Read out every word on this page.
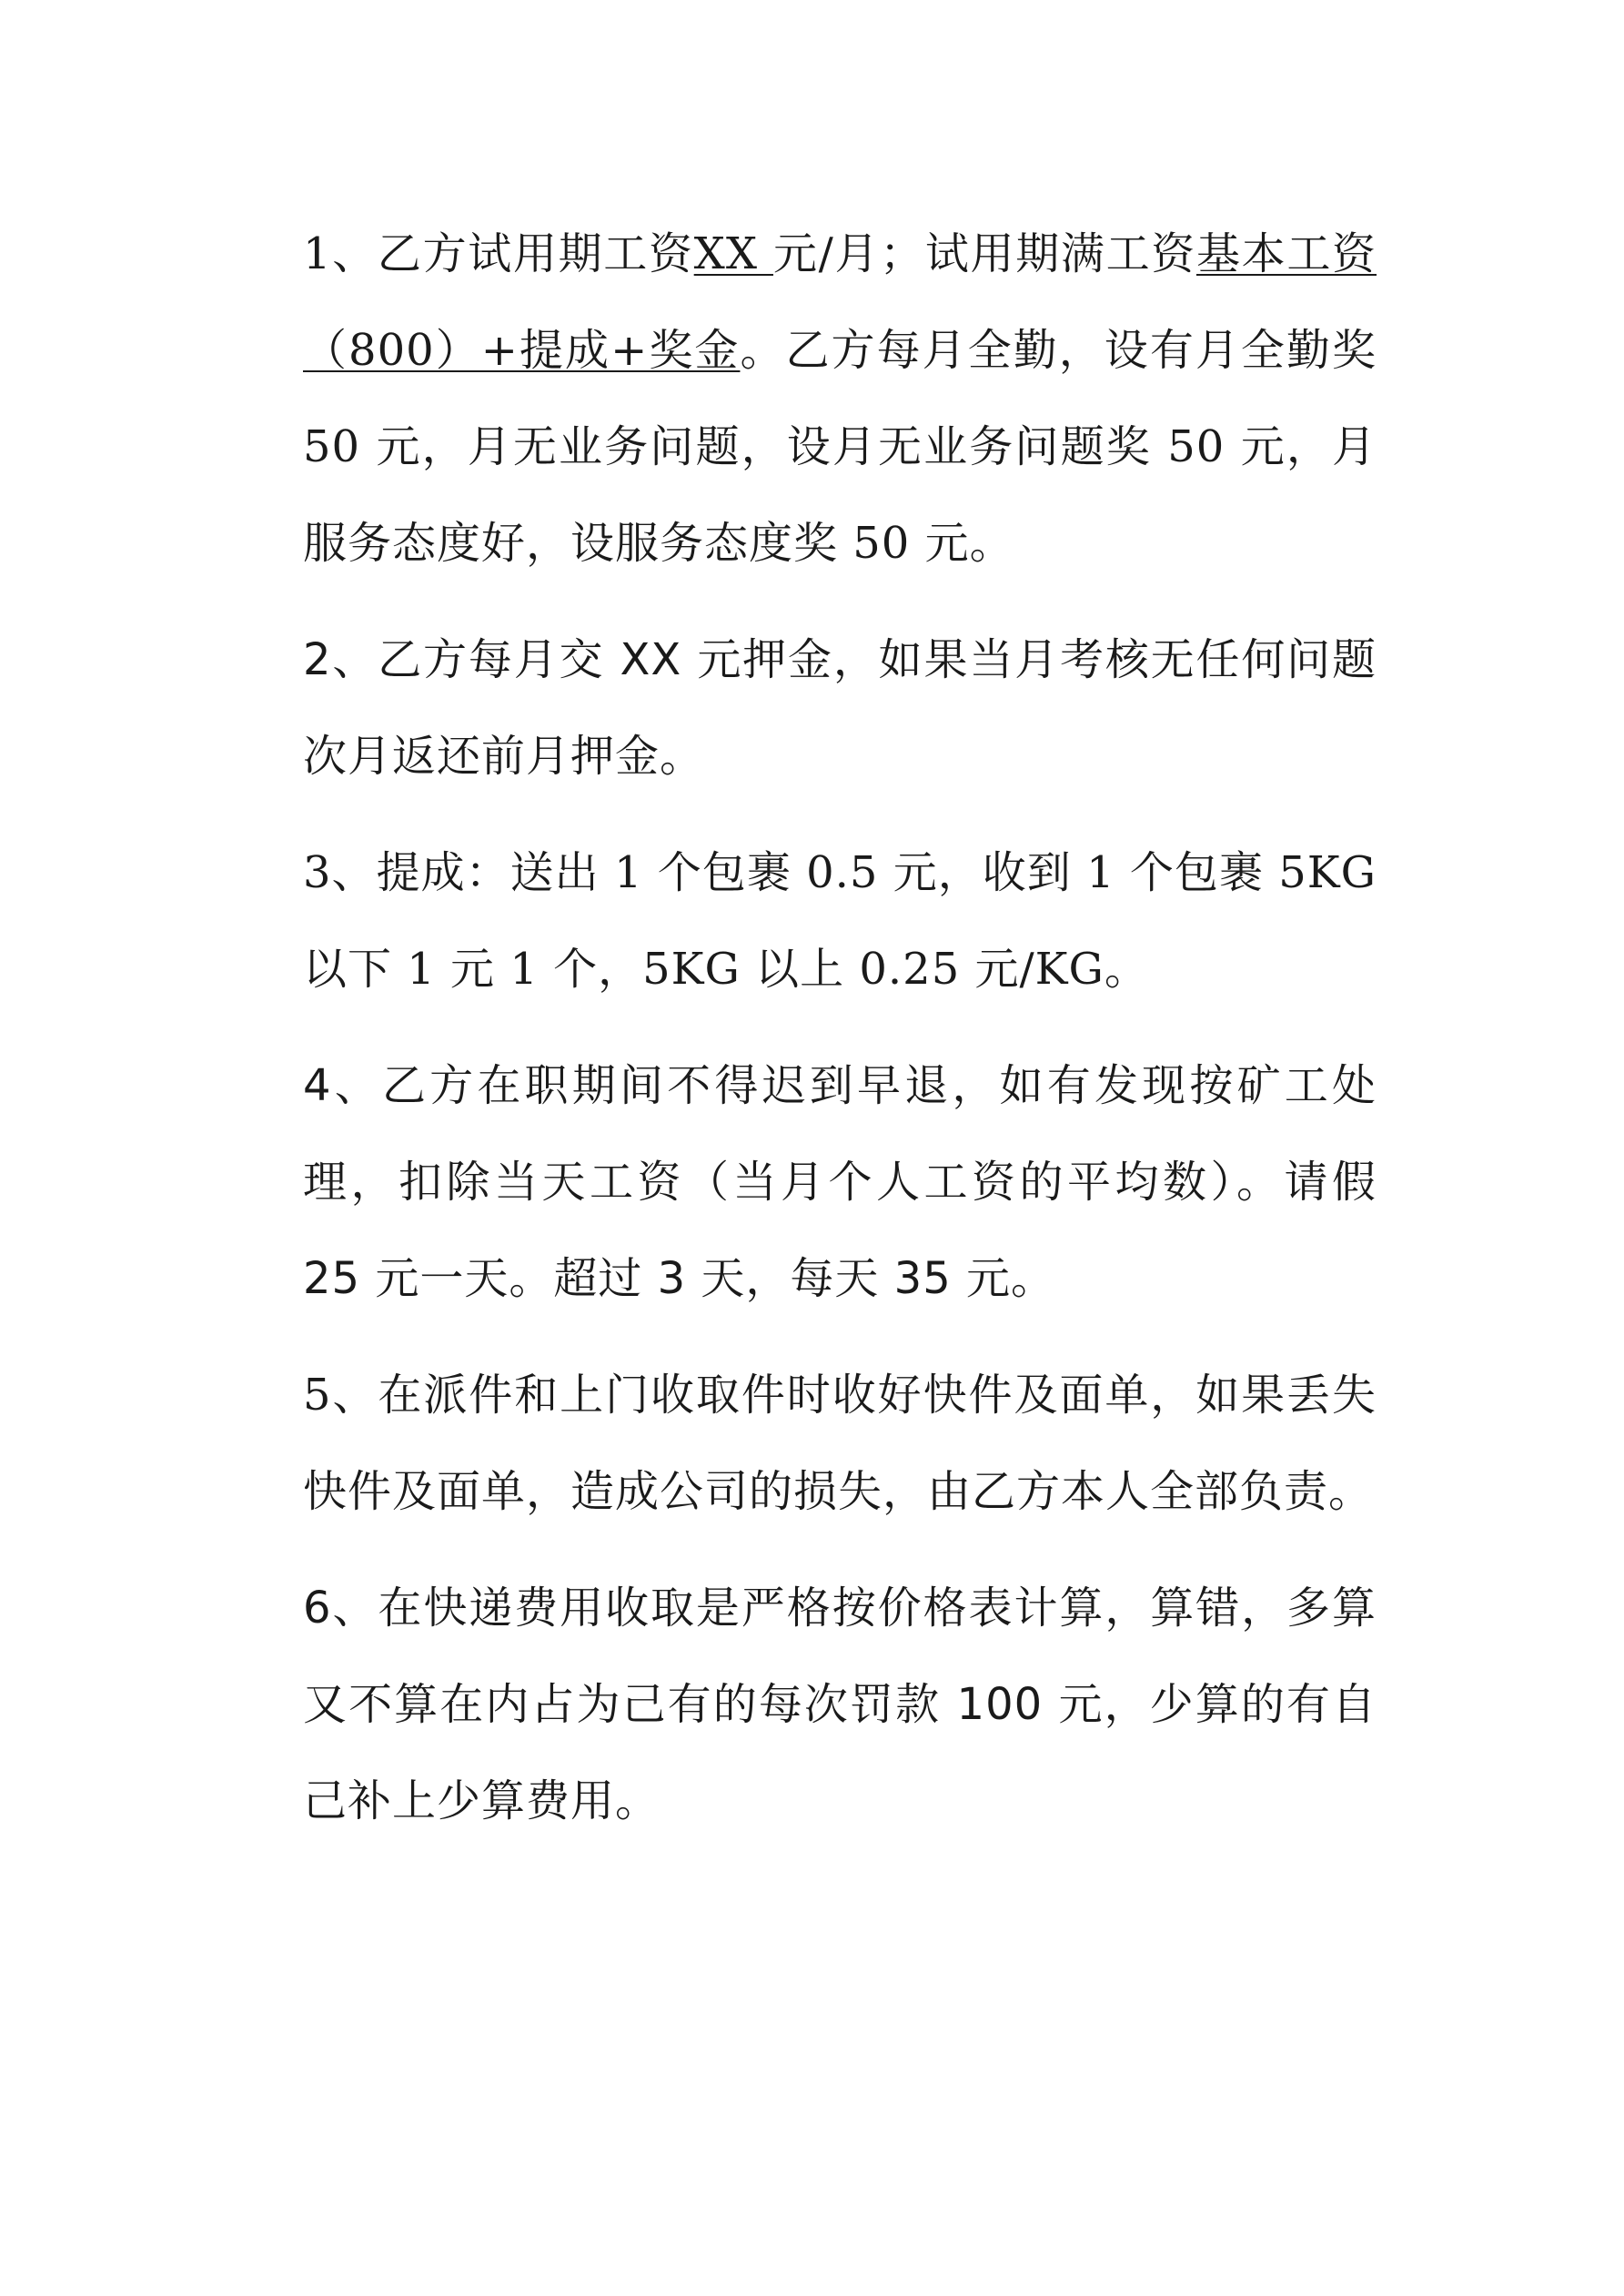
1、乙方试用期工资XX 元/月；试用期满工资基本工资（800）+提成+奖金。乙方每月全勤，设有月全勤奖 50 元，月无业务问题，设月无业务问题奖 50 元，月服务态度好，设服务态度奖 50 元。

2、乙方每月交 XX 元押金，如果当月考核无任何问题次月返还前月押金。

3、提成：送出 1 个包裹 0.5 元，收到 1 个包裹 5KG 以下 1 元 1 个，5KG 以上 0.25 元/KG。

4、乙方在职期间不得迟到早退，如有发现按矿工处理，扣除当天工资（当月个人工资的平均数）。请假 25 元一天。超过 3 天，每天 35 元。

5、在派件和上门收取件时收好快件及面单，如果丢失快件及面单，造成公司的损失，由乙方本人全部负责。

6、在快递费用收取是严格按价格表计算，算错，多算又不算在内占为己有的每次罚款 100 元，少算的有自己补上少算费用。
